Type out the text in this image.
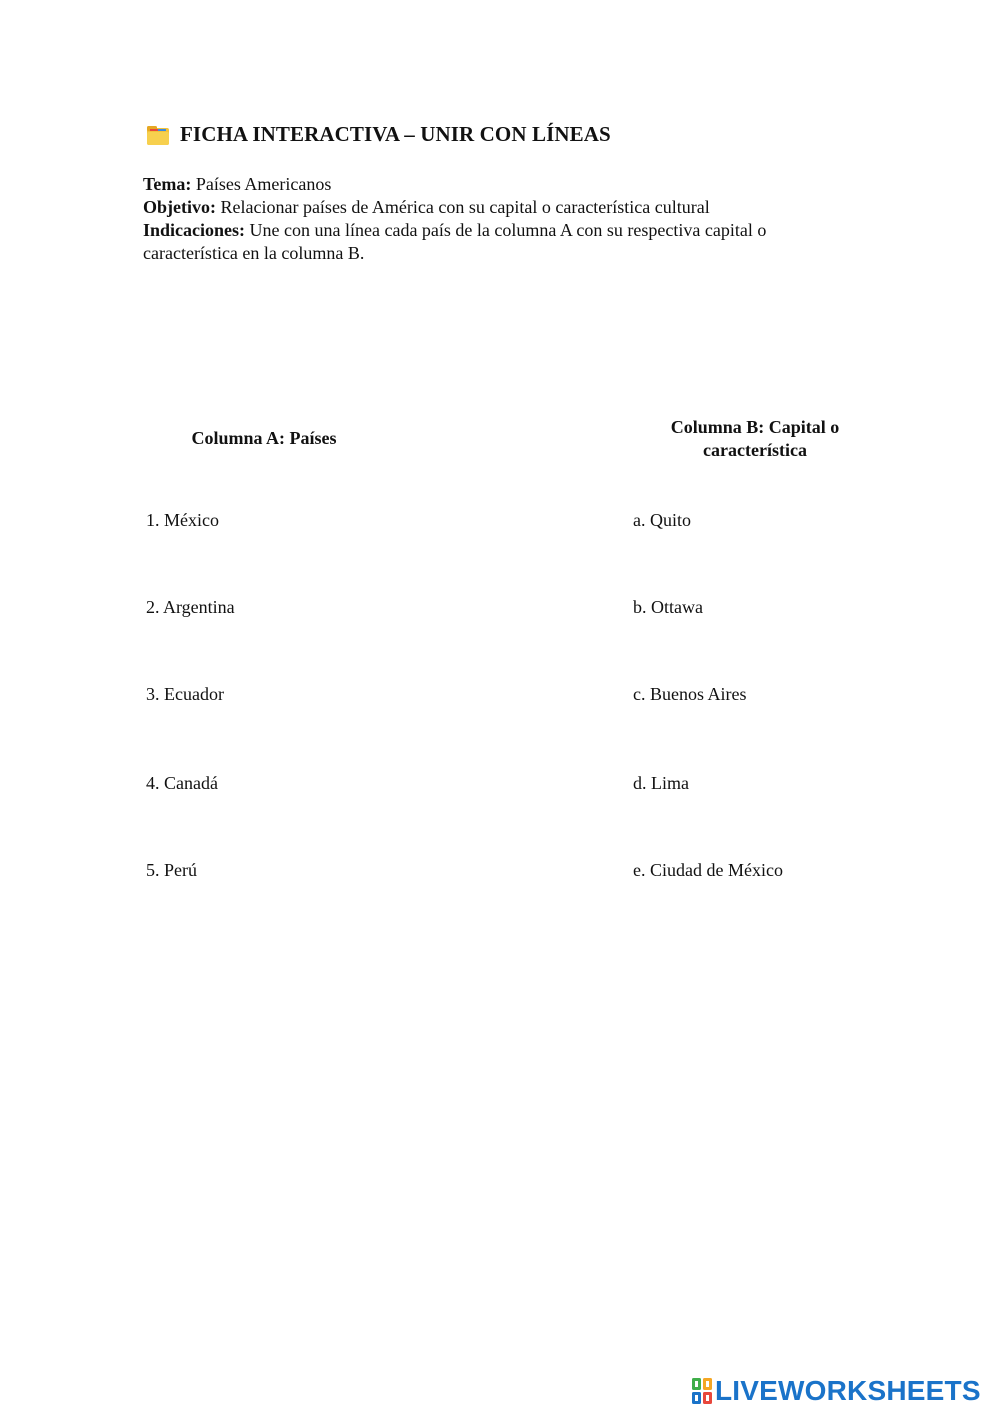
FICHA INTERACTIVA – UNIR CON LÍNEAS

Tema: Países Americanos

Objetivo: Relacionar países de América con su capital o característica cultural

Indicaciones: Une con una línea cada país de la columna A con su respectiva capital o característica en la columna B.

Columna A: Países
Columna B: Capital o característica
1. México
2. Argentina
3. Ecuador
4. Canadá
5. Perú
a. Quito
b. Ottawa
c. Buenos Aires
d. Lima
e. Ciudad de México
LIVEWORKSHEETS
